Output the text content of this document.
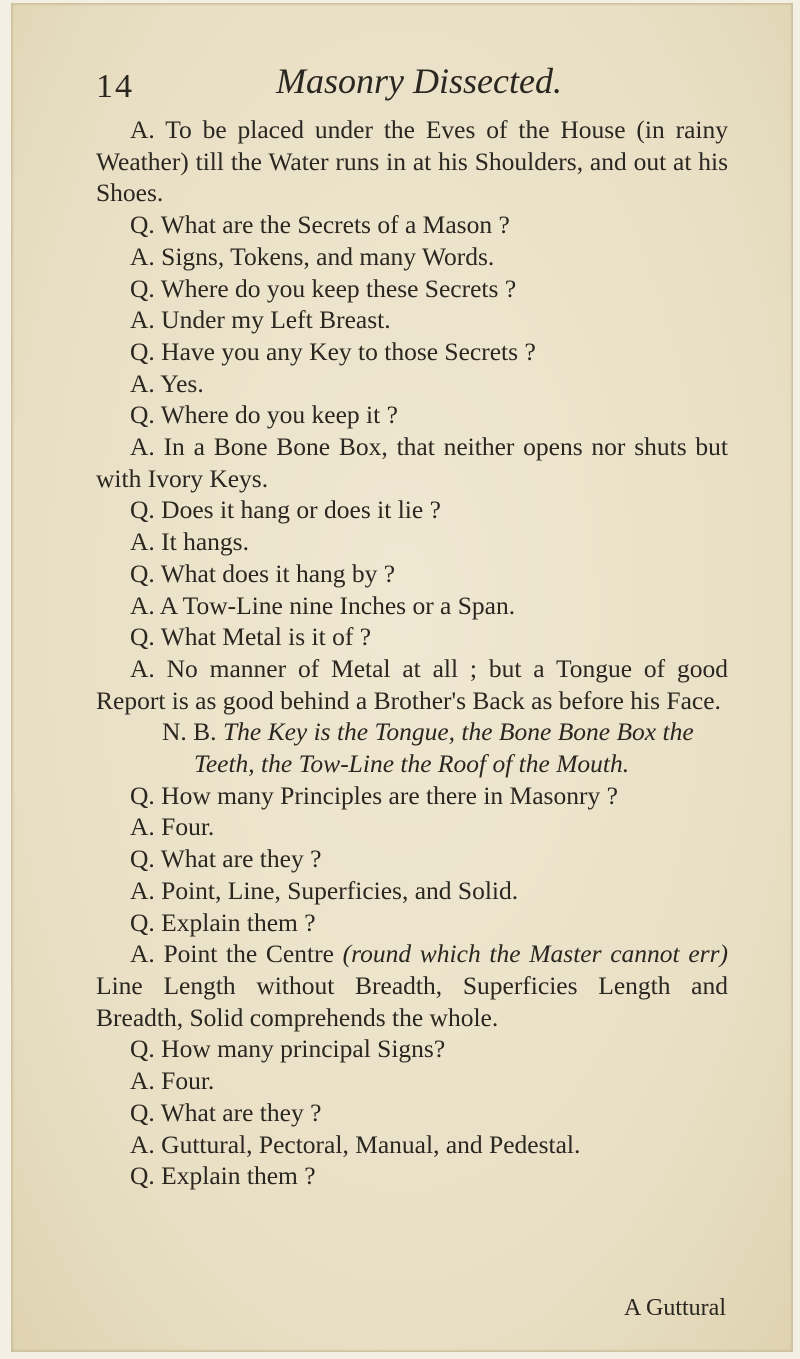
14	Masonry Dissected.

A. To be placed under the Eves of the House (in rainy Weather) till the Water runs in at his Shoulders, and out at his Shoes.

Q. What are the Secrets of a Mason ?

A. Signs, Tokens, and many Words.

Q. Where do you keep these Secrets ?

A. Under my Left Breast.

Q. Have you any Key to those Secrets ?

A. Yes.

Q. Where do you keep it ?

A. In a Bone Bone Box, that neither opens nor shuts but with Ivory Keys.

Q. Does it hang or does it lie ?

A. It hangs.

Q. What does it hang by ?

A. A Tow-Line nine Inches or a Span.

Q. What Metal is it of ?

A. No manner of Metal at all ; but a Tongue of good Report is as good behind a Brother's Back as before his Face.

N. B. The Key is the Tongue, the Bone Bone Box the Teeth, the Tow-Line the Roof of the Mouth.

Q. How many Principles are there in Masonry ?

A. Four.

Q. What are they ?

A. Point, Line, Superficies, and Solid.

Q. Explain them ?

A. Point the Centre (round which the Master cannot err) Line Length without Breadth, Superficies Length and Breadth, Solid comprehends the whole.

Q. How many principal Signs?

A. Four.

Q. What are they ?

A. Guttural, Pectoral, Manual, and Pedestal.

Q. Explain them ?

A Guttural
